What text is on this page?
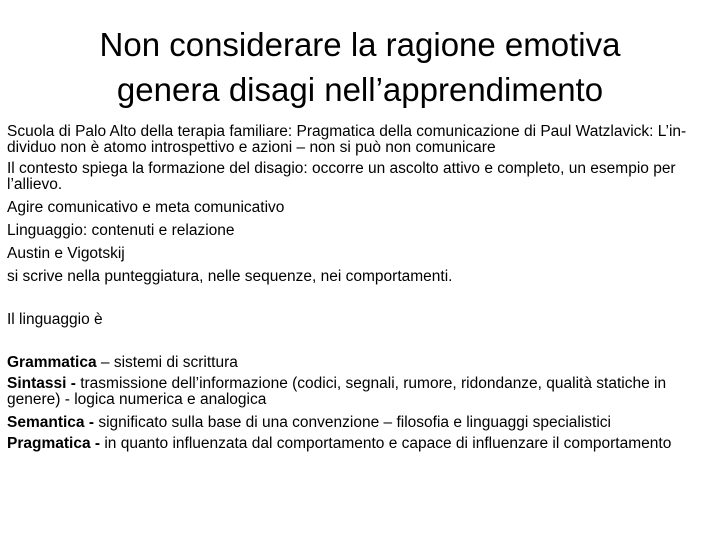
Non considerare la ragione emotiva
genera disagi nell’apprendimento

Scuola di Palo Alto della terapia familiare: Pragmatica della comunicazione di Paul Watzlavick: L’in-dividuo non è atomo introspettivo e azioni – non si può non comunicare

Il contesto spiega la formazione del disagio: occorre un ascolto attivo e completo, un esempio per l’allievo.

Agire comunicativo e meta comunicativo

Linguaggio: contenuti e relazione

Austin e Vigotskij

si scrive nella punteggiatura, nelle sequenze, nei comportamenti.

Il linguaggio è

Grammatica – sistemi di scrittura

Sintassi - trasmissione dell’informazione (codici, segnali, rumore, ridondanze, qualità statiche in genere) - logica numerica e analogica

Semantica - significato sulla base di una convenzione – filosofia e linguaggi specialistici

Pragmatica - in quanto influenzata dal comportamento e capace di influenzare il comportamento
